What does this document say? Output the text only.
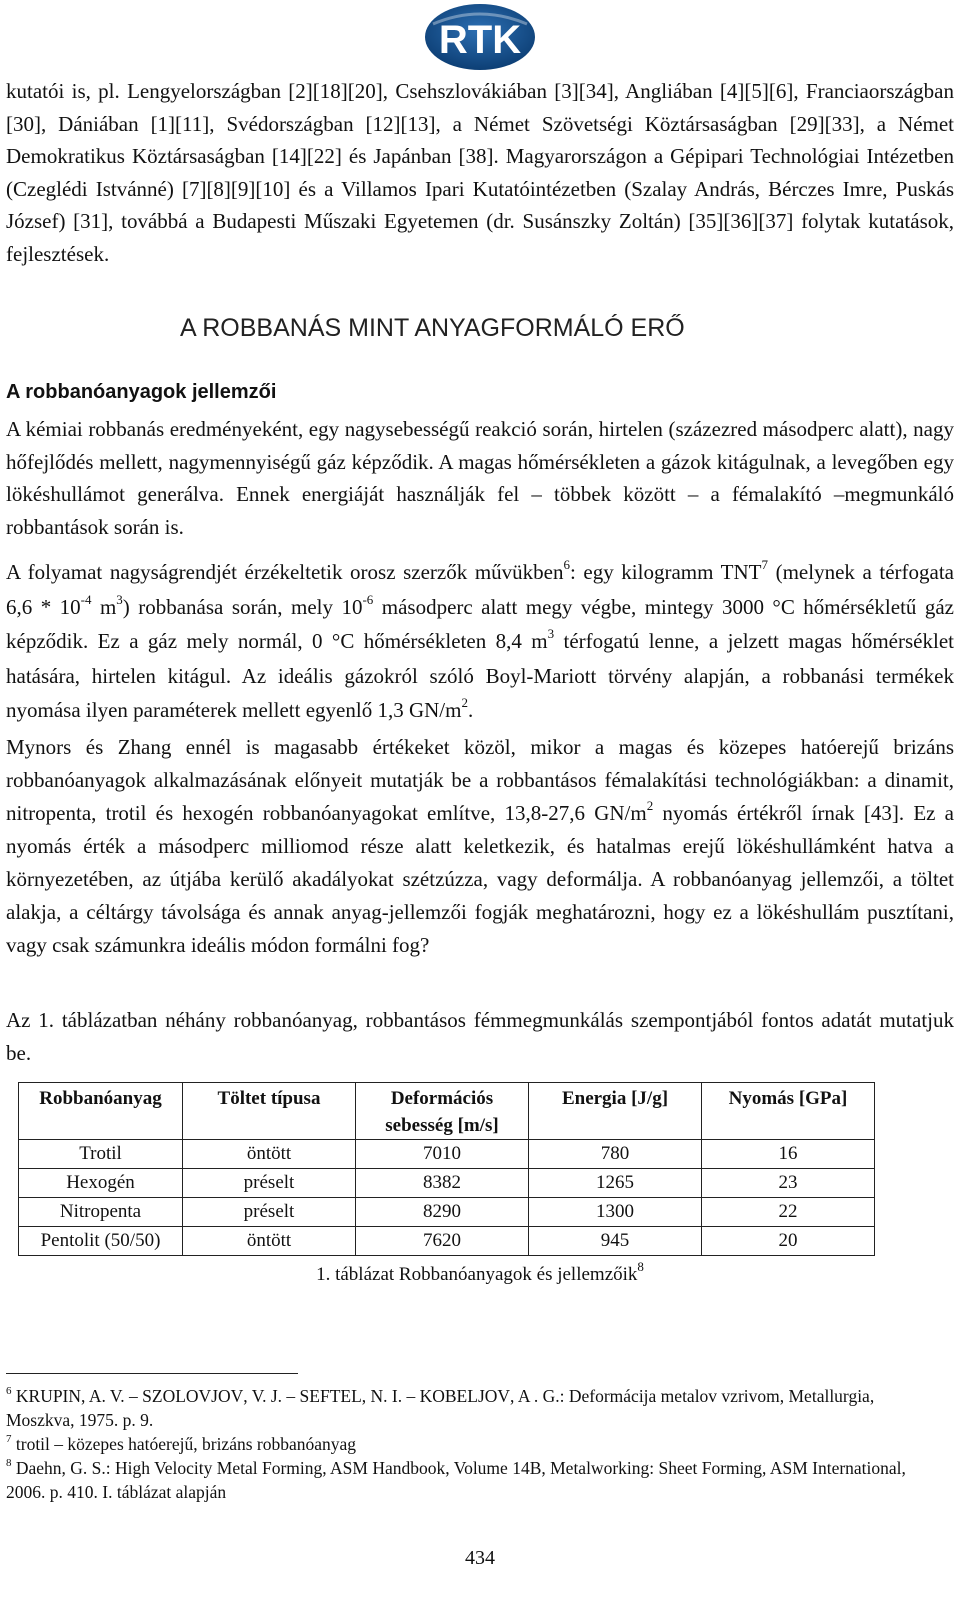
RTK
kutatói is, pl. Lengyelországban [2][18][20], Csehszlovákiában [3][34], Angliában [4][5][6], Franciaországban [30], Dániában [1][11], Svédországban [12][13], a Német Szövetségi Köztársaságban [29][33], a Német Demokratikus Köztársaságban [14][22] és Japánban [38]. Magyarországon a Gépipari Technológiai Intézetben (Czeglédi Istvánné) [7][8][9][10] és a Villamos Ipari Kutatóintézetben (Szalay András, Bérczes Imre, Puskás József) [31], továbbá a Budapesti Műszaki Egyetemen (dr. Susánszky Zoltán) [35][36][37] folytak kutatások, fejlesztések.
A ROBBANÁS MINT ANYAGFORMÁLÓ ERŐ
A robbanóanyagok jellemzői
A kémiai robbanás eredményeként, egy nagysebességű reakció során, hirtelen (százezred másodperc alatt), nagy hőfejlődés mellett, nagymennyiségű gáz képződik. A magas hőmérsékleten a gázok kitágulnak, a levegőben egy lökéshullámot generálva. Ennek energiáját használják fel – többek között – a fémalakító –megmunkáló robbantások során is.
A folyamat nagyságrendjét érzékeltetik orosz szerzők művükben$^6$: egy kilogramm TNT$^7$ (melynek a térfogata $6,6 * 10^{-4}$ $m^3$) robbanása során, mely $10^{-6}$ másodperc alatt megy végbe, mintegy 3000 °C hőmérsékletű gáz képződik. Ez a gáz mely normál, 0 °C hőmérsékleten 8,4 $m^3$ térfogatú lenne, a jelzett magas hőmérséklet hatására, hirtelen kitágul. Az ideális gázokról szóló Boyl-Mariott törvény alapján, a robbanási termékek nyomása ilyen paraméterek mellett egyenlő 1,3 $GN/m^2$.
Mynors és Zhang ennél is magasabb értékeket közöl, mikor a magas és közepes hatóerejű brizáns robbanóanyagok alkalmazásának előnyeit mutatják be a robbantásos fémalakítási technológiákban: a dinamit, nitropenta, trotil és hexogén robbanóanyagokat említve, 13,8-27,6 $GN/m^2$ nyomás értékről írnak [43]. Ez a nyomás érték a másodperc milliomod része alatt keletkezik, és hatalmas erejű lökéshullámként hatva a környezetében, az útjába kerülő akadályokat szétzúzza, vagy deformálja. A robbanóanyag jellemzői, a töltet alakja, a céltárgy távolsága és annak anyag-jellemzői fogják meghatározni, hogy ez a lökéshullám pusztítani, vagy csak számunkra ideális módon formálni fog?
Az 1. táblázatban néhány robbanóanyag, robbantásos fémmegmunkálás szempontjából fontos adatát mutatjuk be.
Robbanóanyag	Töltet típusa	Deformációs sebesség [m/s]	Energia [J/g]	Nyomás [GPa]
Trotil	öntött	7010	780	16
Hexogén	préselt	8382	1265	23
Nitropenta	préselt	8290	1300	22
Pentolit (50/50)	öntött	7620	945	20
1. táblázat Robbanóanyagok és jellemzőik$^8$
$^6$ KRUPIN, A. V. – SZOLOVJOV, V. J. – SEFTEL, N. I. – KOBELJOV, A . G.: Deformácija metalov vzrivom, Metallurgia, Moszkva, 1975. p. 9.
$^7$ trotil – közepes hatóerejű, brizáns robbanóanyag
$^8$ Daehn, G. S.: High Velocity Metal Forming, ASM Handbook, Volume 14B, Metalworking: Sheet Forming, ASM International, 2006. p. 410. I. táblázat alapján
434
